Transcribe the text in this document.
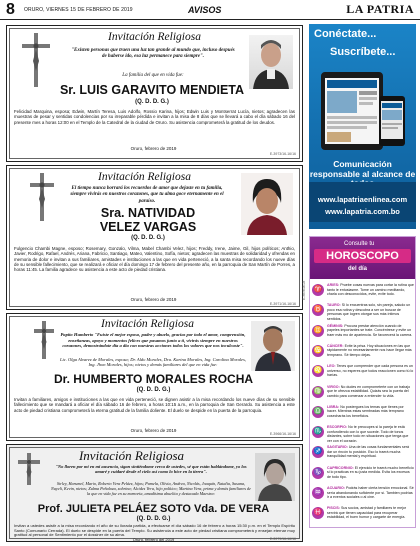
8 ORURO, VIERNES 15 DE FEBRERO DE 2019	AVISOS	LA PATRIA
Invitación Religiosa
"Existen personas que traen una luz tan grande al mundo que, incluso después de haberse ido, esa luz permanece para siempre".
La familia del que en vida fue:
Sr. LUIS GARAVITO MENDIETA
(Q. D. D. G.)
Felicidad Marquina, esposa; Edwin, Martín Teresa, Luis Adolfo, Rossio Karina, hijos; Edwin Luis y Montserrat Lucía, nietos; agradecen las muestras de pesar y sentidas condolencias por su irreparable pérdida e invitan a la misa de 8 días que se llevará a cabo el día sábado 16 del presente mes a horas 12:00 en el Templo de la Catedral de la ciudad de Oruro. Su asistencia comprometerá la gratitud de los deudos.
Oruro, febrero de 2019
E-3973/16-16/16
Invitación Religiosa
El tiempo nunca borrará los recuerdos de amor que dejaste en tu familia, siempre vivirás en nuestros corazones, que tu alma goce eternamente en el paraíso.
Sra. NATIVIDAD
VELEZ VARGAS
(Q. D. D. G.)
Fulgencio Chambi Magne, esposo; Rosemary, Gonzalo, Vilma, Mabel Chambi Velez, hijos; Freddy, Irene, Jaime, Gil, hijos políticos; Anthio, Javier, Rodrigo, Rafael, Andrés, Ariana, Fabricio, Santiago, Mateo, Valentino, Sofía, nietos; agradecen las muestras de solidaridad y ofrendas en memoria de dolor e invitan a sus familiares, amistades e instituciones a las que en vida perteneció, a la santa misa recordando los nueve días de su sensible fallecimiento, que se realizará e oficiar el día domingo 17 de febrero del presente año, en la parroquia de San Martín de Porres, a horas 11:45. La familia agradece su asistencia a este acto de piedad cristiana.
Oruro, febrero de 2019
E-3971/16-16/16
Invitación Religiosa
Papito Humberto "Fuiste el mejor esposo, padre y abuelo, gracias por todo el amor, comprensión, enseñanzas, apoyo y momentos felices que pasamos junto a ti, vivirás siempre en nuestros corazones, demostrándote día a día con nuestras acciones todos los valores que nos inculcaste".
Lic. Olga Alvarez de Morales, esposa; Dr. Aldo Morales, Dra. Karina Morales, Ing. Carolina Morales, Ing. Jhon Morales, hijos; nietos y demás familiares del que en vida fue:
Dr. HUMBERTO MORALES ROCHA
(Q. D. D. G.)
Invitan a familiares, amigos e instituciones a las que en vida perteneció, se dignen asistir a la misa recordando los nueve días de su sensible fallecimiento que se mandará a oficiar el día sábado 16 de febrero, a horas 10:15 a.m., en la parroquia de San Gerardo. Su asistencia a este acto de piedad cristiana comprometerá la eterna gratitud de la familia doliente. El duelo se despide en la puerta de la parroquia.
Oruro, febrero de 2019
E-3966/16-16/16
Invitación Religiosa
"No lloren por mí en mi ausencia, sigan sintiéndome cerca de ustedes, sé que están hablándome, yo los amaré y cuidaré desde el cielo así como lo hice en la tierra".
Sirley, Harumel, Mario, Roberto Vera Peláez, hijos; Pamela, Olivia, Andrea, Nicolás, Joaquín, Natalia, Susana, Nayeli, Kevin, nietos; Zulma Peñaloza, sobrina; Alcides Vera, hijo político; Martina Vera, prima y demás familiares de la que en vida fue en su memoria, amadísima abuelita y destacada Maestra:
Prof. JULIETA PELÁEZ SOTO Vda. DE VERA
(Q. D. D. G.)
Invitan a ustedes asistir a la misa recordando el año de su llorada partida, a efectuarse el día sábado 16 de febrero a horas 15:30 p.m. en el Templo Espíritu Santo (Comunario Cerrada). El duelo se despide en la puerta del Templo. Su asistencia a este acto de piedad cristiana comprometerá y ensejan eternar muy gratitud al personal de Sentimiento por el dossiner de su alma.
Oruro, febrero del 2019	E-3979/16-16/16
Conéctate...
Suscríbete...
Comunicación responsable al alcance de
www.lapatriaenlinea.com
www.lapatria.com.bo
E-3878/16-03
Consulte tu
HOROSCOPO
del día
♈
ARIES: Pruebe cosas nuevas para cortar la rutina que tanto le entusiasme. Tome un camino meditando, charla con desconocidos, evite, evite todo.
♉
TAURO: Si lo encuentras solo, sin pareja, saludo un poco esa rutina y descubra a ser un buscar de personas que logren otorgar sus más íntimos sentidos.
♊
GÉMINIS: Procura prestar atención cuando de papeles importantes se trate. Concéntrese y evite un traer más mo de apariencia. Se favorecerá la carrera.
♋
CÁNCER: Evite la prisa. Hoy situaciones en las que rápidamente no necesariamente nos hace llegar más temprano. Sé tiempo dejas.
♌
LEO: Tenes que comprender que cada persona es un universo, no esperes que todos reaccionen como tú lo harías.
♍
VIRGO: No dudes en comprometerte con un trabajo que te ofrezca estabilidad. Quizás sea la puerta del cambio para comenzar a entender tu vida.
♎
LIBRA: No postergues los temas que tienes por hacer. Mientras estas sembradas más temprano cosecharás los beneficios.
♏
ESCORPIO: No te preocupes si la pareja te está confundiendo con lo que sucede. Todo de tonos distantes, sobre todo en situaciones que tenga que ver con el corazón.
♐
SAGITARIO: Una de las cosas fundamentales será dar un rincón tu posición. Eso lo traerá mucha tranquilidad mental y espiritual.
♑
CAPRICORNIO: El ejercicio te traerá mucho beneficio si lo practicas en su justa medida. Evita los excesos de todo tipo.
♒
ACUARIO: Podrás haber cierta tensión emocional. Sé sería abandonando suficiente por sí. Tambien podrías ir a eventos sociales o al cine.
♓
PISCIS: Sus socios, amistad y familiares te mejor servirá que tienen capacidad para recuperar estabilidad, el buen humor y cargarte de energía.
